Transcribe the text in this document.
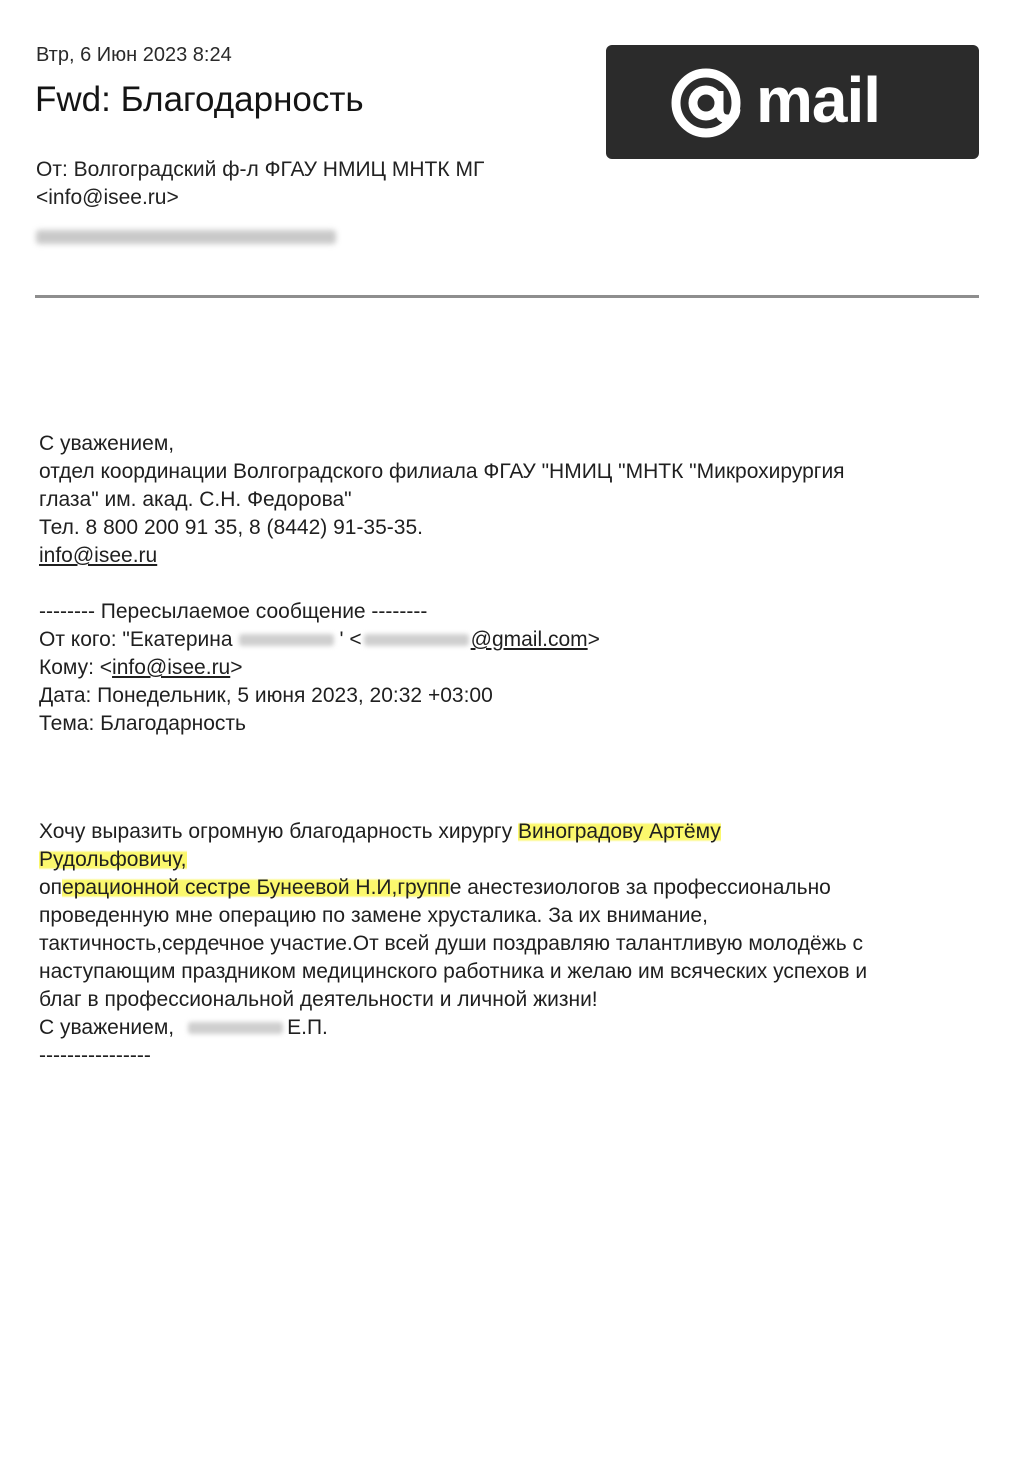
Втр, 6 Июн 2023 8:24
Fwd: Благодарность
От: Волгоградский ф-л ФГАУ НМИЦ МНТК МГ
<info@isee.ru>
mail
С уважением,
отдел координации Волгоградского филиала ФГАУ "НМИЦ "МНТК "Микрохирургия
глаза" им. акад. С.Н. Федорова"
Тел. 8 800 200 91 35, 8 (8442) 91-35-35.
info@isee.ru
-------- Пересылаемое сообщение --------
От кого: "Екатерина	' <	@gmail.com>
Кому: <info@isee.ru>
Дата: Понедельник, 5 июня 2023, 20:32 +03:00
Тема: Благодарность
Хочу выразить огромную благодарность хирургу Виноградову Артёму
Рудольфовичу,
операционной сестре Бунеевой Н.И,группе анестезиологов за профессионально
проведенную мне операцию по замене хрусталика. За их внимание,
тактичность,сердечное участие.От всей души поздравляю талантливую молодёжь с
наступающим праздником медицинского работника и желаю им всяческих успехов и
благ в профессиональной деятельности и личной жизни!
С уважением,	Е.П.
----------------
